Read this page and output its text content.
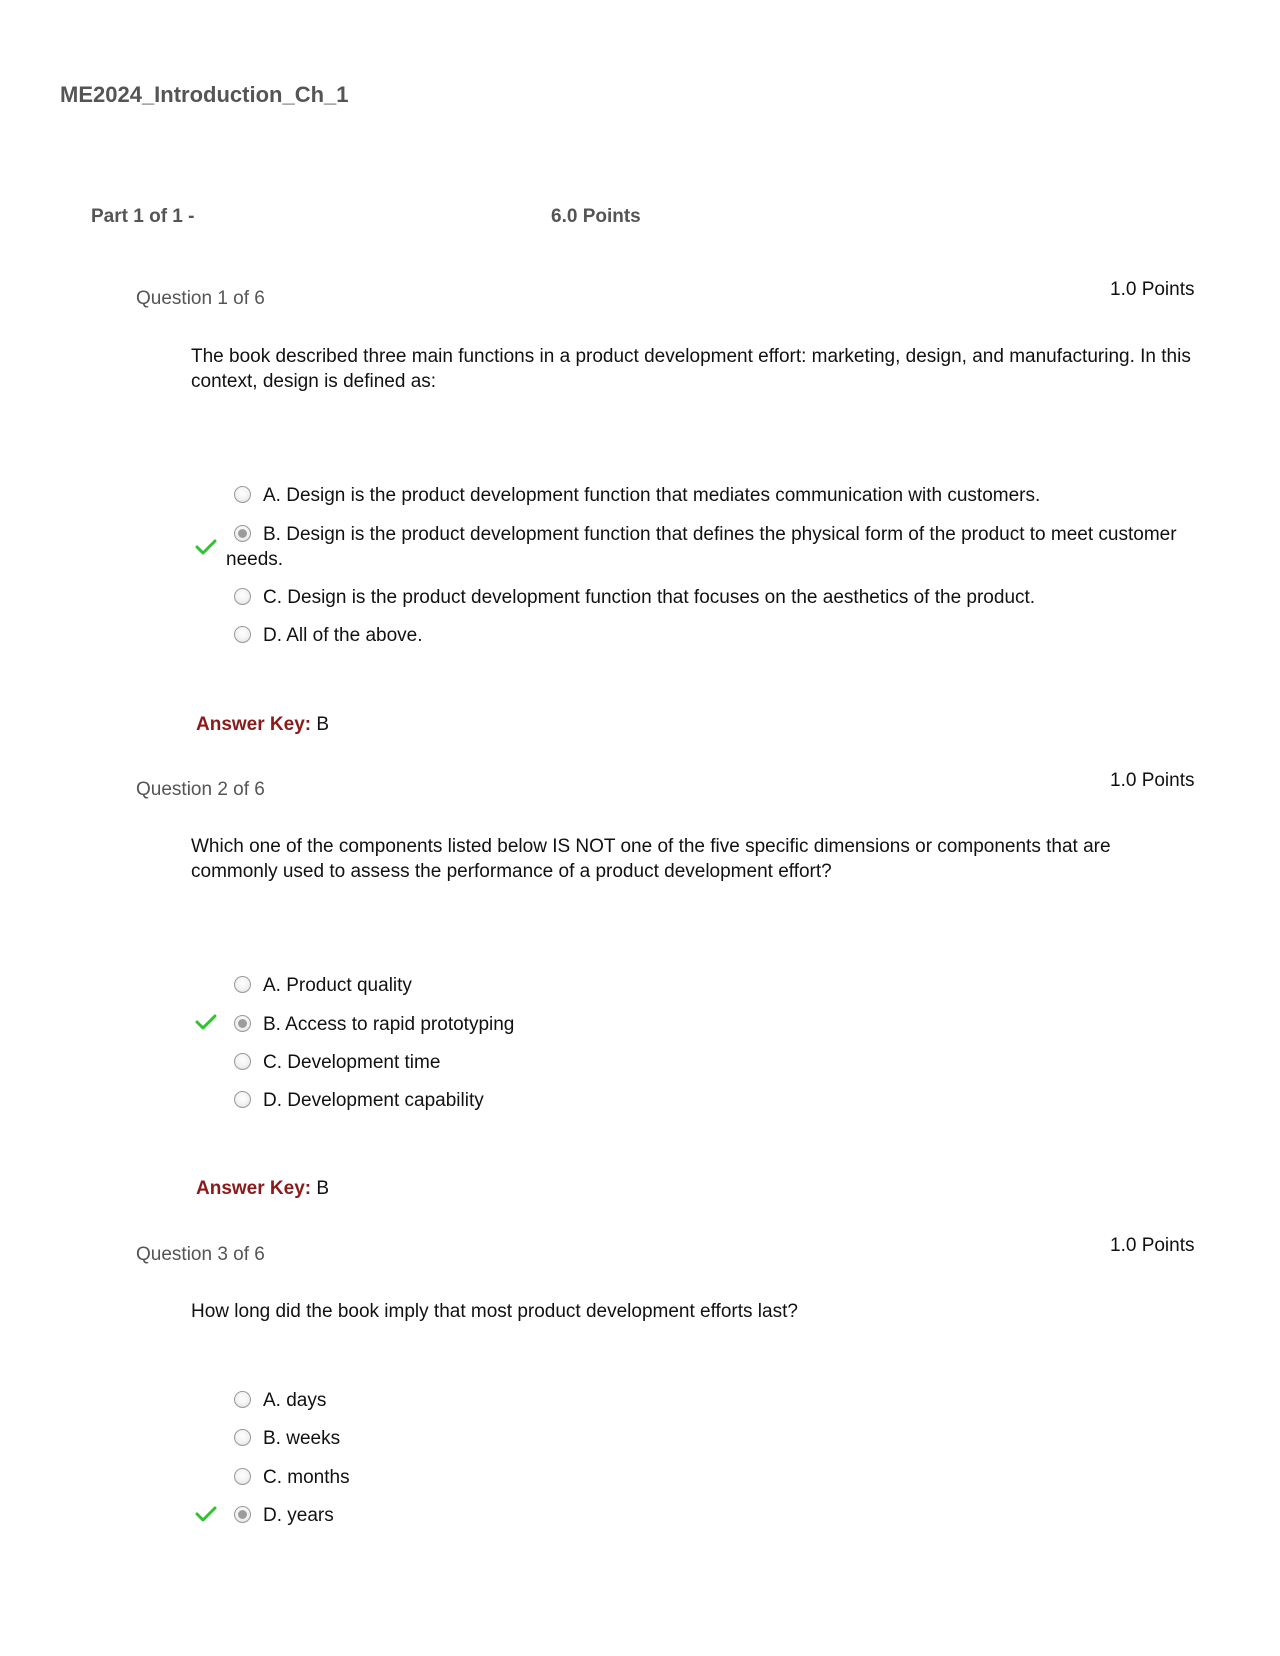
ME2024_Introduction_Ch_1
Part 1 of 1 -	6.0 Points
Question 1 of 6	1.0 Points
The book described three main functions in a product development effort: marketing, design, and manufacturing. In this context, design is defined as:
A. Design is the product development function that mediates communication with customers.
B. Design is the product development function that defines the physical form of the product to meet customer needs.
C. Design is the product development function that focuses on the aesthetics of the product.
D. All of the above.
Answer Key: B
Question 2 of 6	1.0 Points
Which one of the components listed below IS NOT one of the five specific dimensions or components that are commonly used to assess the performance of a product development effort?
A. Product quality
B. Access to rapid prototyping
C. Development time
D. Development capability
Answer Key: B
Question 3 of 6	1.0 Points
How long did the book imply that most product development efforts last?
A. days
B. weeks
C. months
D. years
